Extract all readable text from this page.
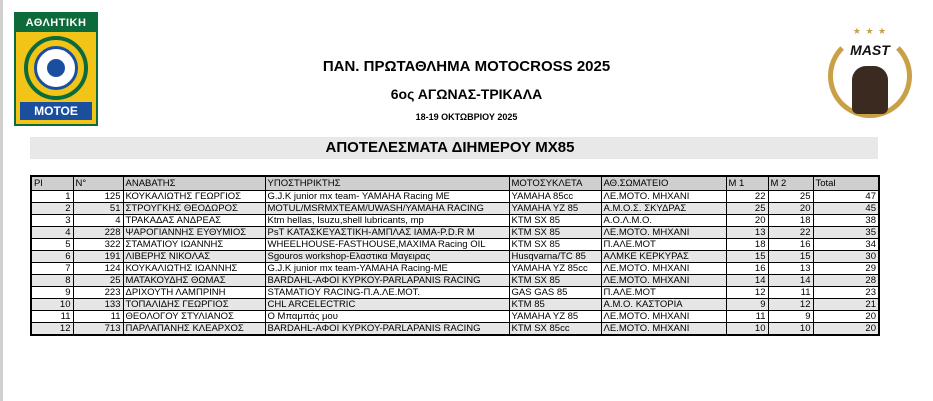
ΑΘΛΗΤΙΚΗ
MOTOE
★ ★ ★
MAST
ΠΑΝ. ΠΡΩΤΑΘΛΗΜΑ MOTOCROSS 2025
6ος ΑΓΩΝΑΣ-ΤΡΙΚΑΛΑ
18-19 ΟΚΤΩΒΡΙΟΥ 2025
ΑΠΟΤΕΛΕΣΜΑΤΑ ΔΙΗΜΕΡΟΥ MX85
Pl	N°	ΑΝΑΒΑΤΗΣ	ΥΠΟΣΤΗΡΙΚΤΗΣ	ΜΟΤΟΣΥΚΛΕΤΑ	ΑΘ.ΣΩΜΑΤΕΙΟ	Μ 1	Μ 2	Total
1	125	ΚΟΥΚΑΛΙΩΤΗΣ ΓΕΩΡΓΙΟΣ	G.J.K junior mx team- YAMAHA Racing ME	YAMAHA 85cc	ΛΕ.ΜΟΤΟ. ΜΗΧΑΝΙ	22	25	47
2	51	ΣΤΡΟΥΓΚΗΣ ΘΕΟΔΩΡΟΣ	MOTUL/MSRMXTEAM/UWASH/YAMAHA RACING	YAMAHA YZ 85	Α.Μ.Ο.Σ. ΣΚΥΔΡΑΣ	25	20	45
3	4	ΤΡΑΚΑΔΑΣ ΑΝΔΡΕΑΣ	Ktm hellas, Isuzu,shell lubricants, mp	KTM SX 85	Α.Ο.Λ.Μ.Ο.	20	18	38
4	228	ΨΑΡΟΓΙΑΝΝΗΣ ΕΥΘΥΜΙΟΣ	PsT ΚΑΤΑΣΚΕΥΑΣΤΙΚΗ-ΑΜΠΛΑΣ ΙΑΜΑ-P.D.R M	KTM SX 85	ΛΕ.ΜΟΤΟ. ΜΗΧΑΝΙ	13	22	35
5	322	ΣΤΑΜΑΤΙΟΥ ΙΩΑΝΝΗΣ	WHEELHOUSE-FASTHOUSE,MAXIMA Racing OIL	KTM SX 85	Π.ΑΛΕ.ΜΟΤ	18	16	34
6	191	ΛΙΒΕΡΗΣ ΝΙΚΟΛΑΣ	Sgouros workshop-Ελαστικα Μαγειρας	Husqvarna/TC 85	ΑΛΜΚΕ ΚΕΡΚΥΡΑΣ	15	15	30
7	124	ΚΟΥΚΑΛΙΩΤΗΣ ΙΩΑΝΝΗΣ	G.J.K junior mx team-YAMAHA Racing-ME	YAMAHA YZ 85cc	ΛΕ.ΜΟΤΟ. ΜΗΧΑΝΙ	16	13	29
8	25	ΜΑΤΑΚΟΥΔΗΣ ΘΩΜΑΣ	BARDAHL-ΑΦΟΙ ΚΥΡΚΟΥ-PARLAPANIS RACING	KTM SX 85	ΛΕ.ΜΟΤΟ. ΜΗΧΑΝΙ	14	14	28
9	223	ΔΡΙΧΟΥΤΗ ΛΑΜΠΡΙΝΗ	STAMATIOY RACING-Π.Α.ΛΕ.ΜΟΤ.	GAS GAS 85	Π.ΑΛΕ.ΜΟΤ	12	11	23
10	133	ΤΟΠΑΛΙΔΗΣ ΓΕΩΡΓΙΟΣ	CHL ARCELECTRIC	KTM 85	Α.Μ.Ο. ΚΑΣΤΟΡΙΑ	9	12	21
11	11	ΘΕΟΛΟΓΟΥ ΣΤΥΛΙΑΝΟΣ	Ο Μπαμπάς μου	YAMAHA YZ 85	ΛΕ.ΜΟΤΟ. ΜΗΧΑΝΙ	11	9	20
12	713	ΠΑΡΛΑΠΑΝΗΣ ΚΛΕΑΡΧΟΣ	BARDAHL-ΑΦΟΙ ΚΥΡΚΟΥ-PARLAPANIS RACING	KTM SX 85cc	ΛΕ.ΜΟΤΟ. ΜΗΧΑΝΙ	10	10	20
